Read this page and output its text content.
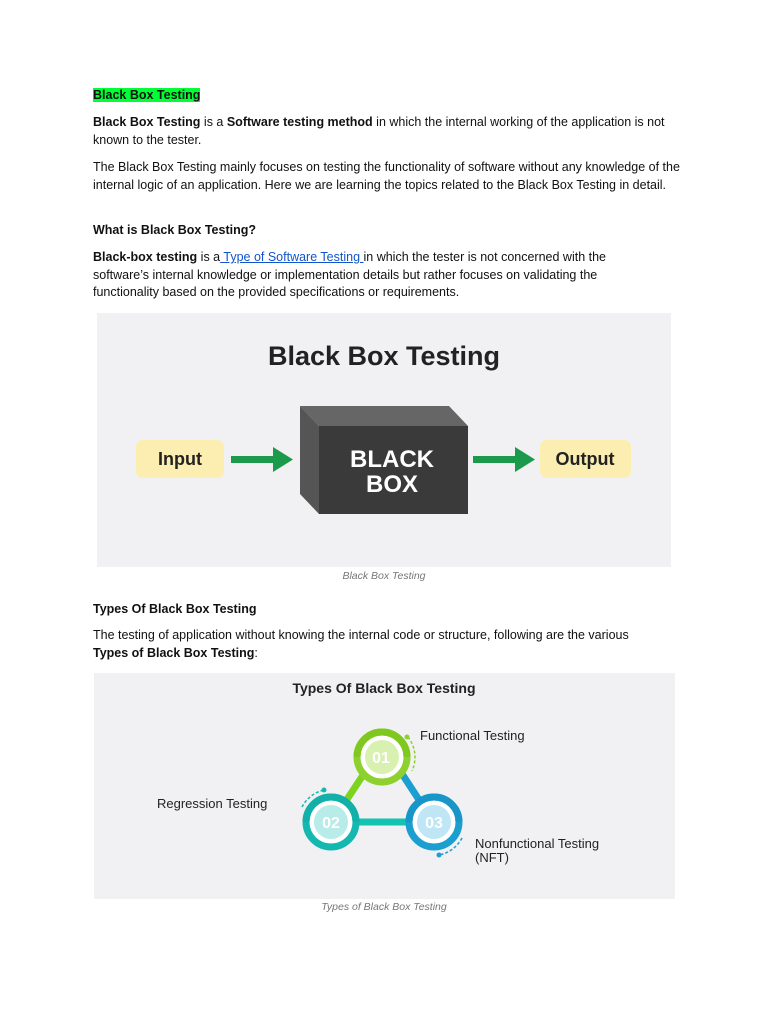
Black Box Testing

Black Box Testing is a Software testing method in which the internal working of the application is not known to the tester.

The Black Box Testing mainly focuses on testing the functionality of software without any knowledge of the internal logic of an application. Here we are learning the topics related to the Black Box Testing in detail.

What is Black Box Testing?

Black-box testing is a Type of Software Testing in which the tester is not concerned with the software’s internal knowledge or implementation details but rather focuses on validating the functionality based on the provided specifications or requirements.

Black Box Testing
Input	BLACK
BOX
Output
Black Box Testing

Types Of Black Box Testing

The testing of application without knowing the internal code or structure, following are the various Types of Black Box Testing:

Types Of Black Box Testing
01
02	03
Functional Testing
Regression Testing
Nonfunctional Testing
(NFT)
Types of Black Box Testing
